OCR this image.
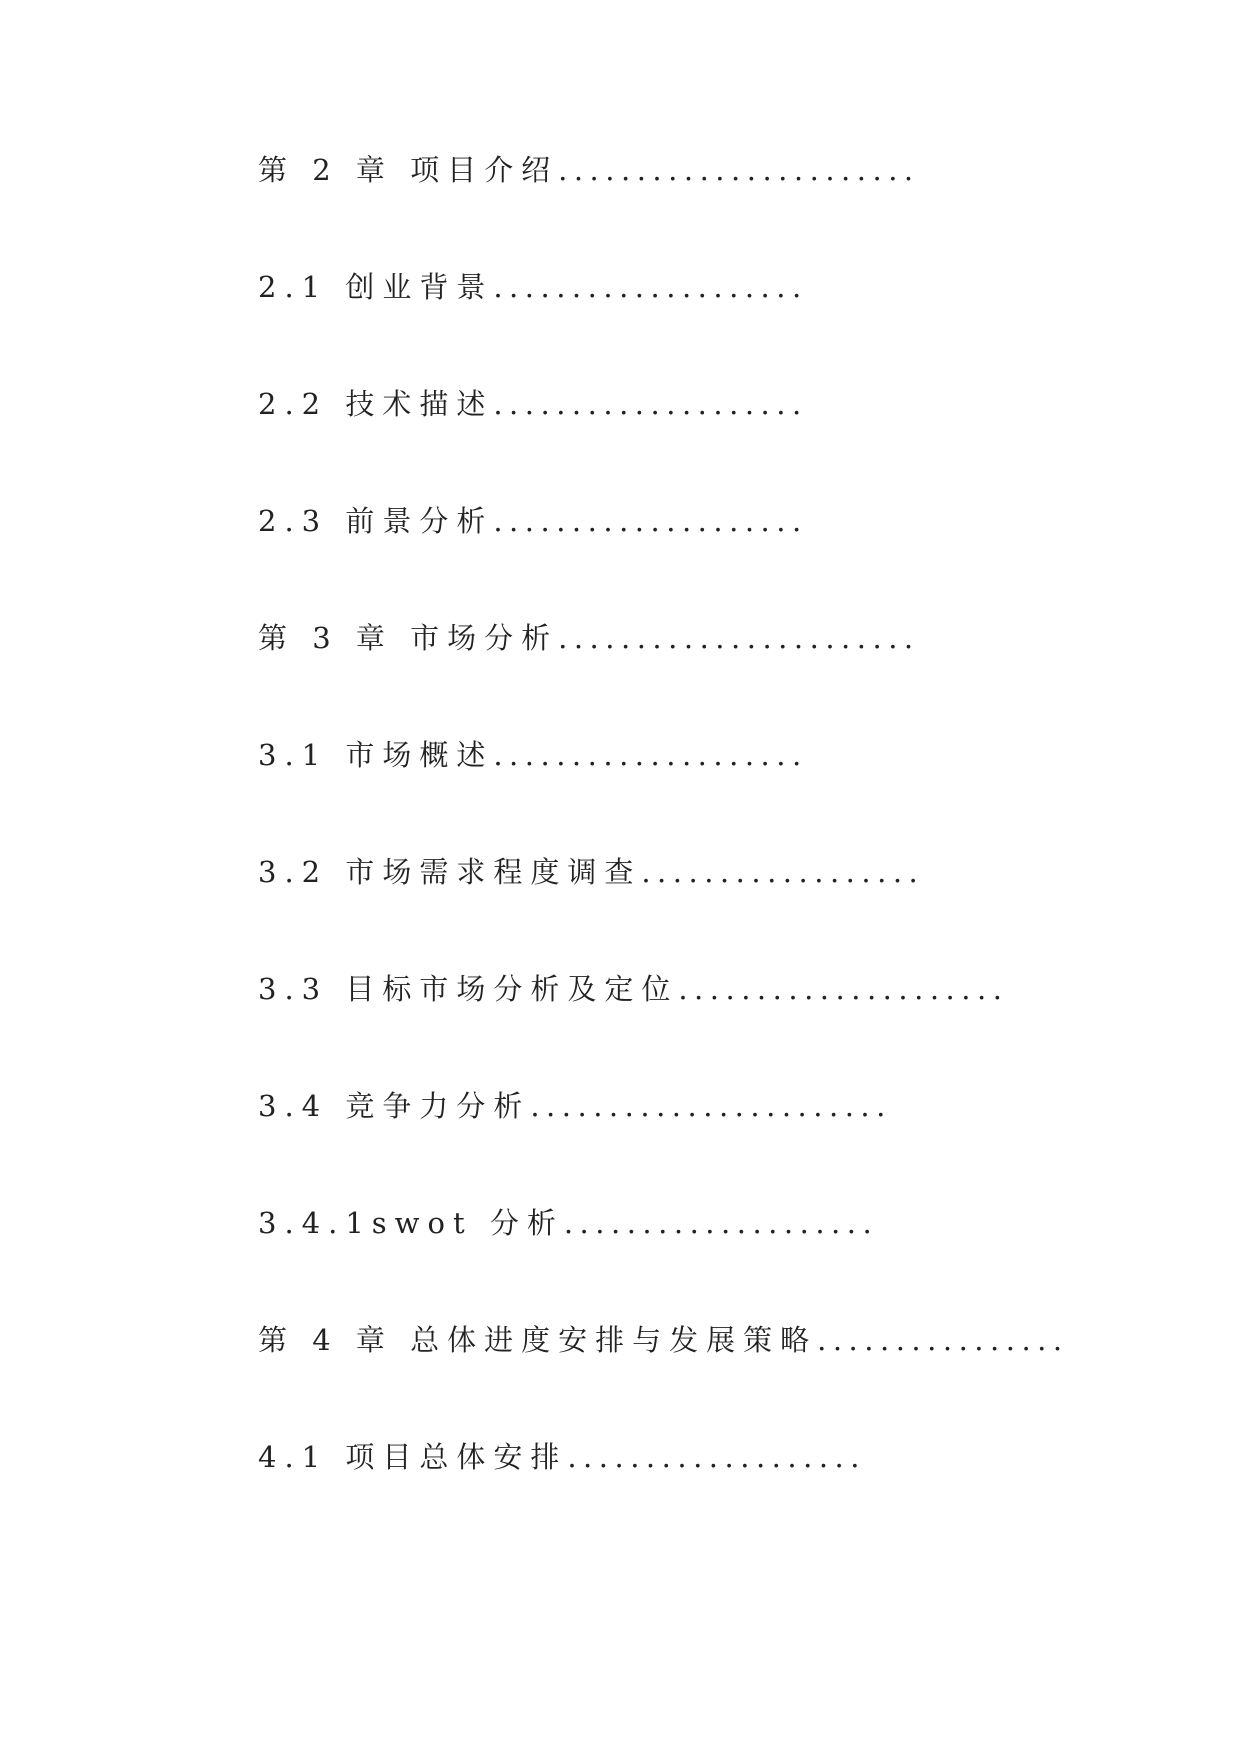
第 2 章 项目介绍.......................
2.1 创业背景....................
2.2 技术描述....................
2.3 前景分析....................
第 3 章 市场分析.......................
3.1 市场概述....................
3.2 市场需求程度调查..................
3.3 目标市场分析及定位.....................
3.4 竞争力分析.......................
3.4.1swot 分析....................
第 4 章 总体进度安排与发展策略................
4.1 项目总体安排...................
